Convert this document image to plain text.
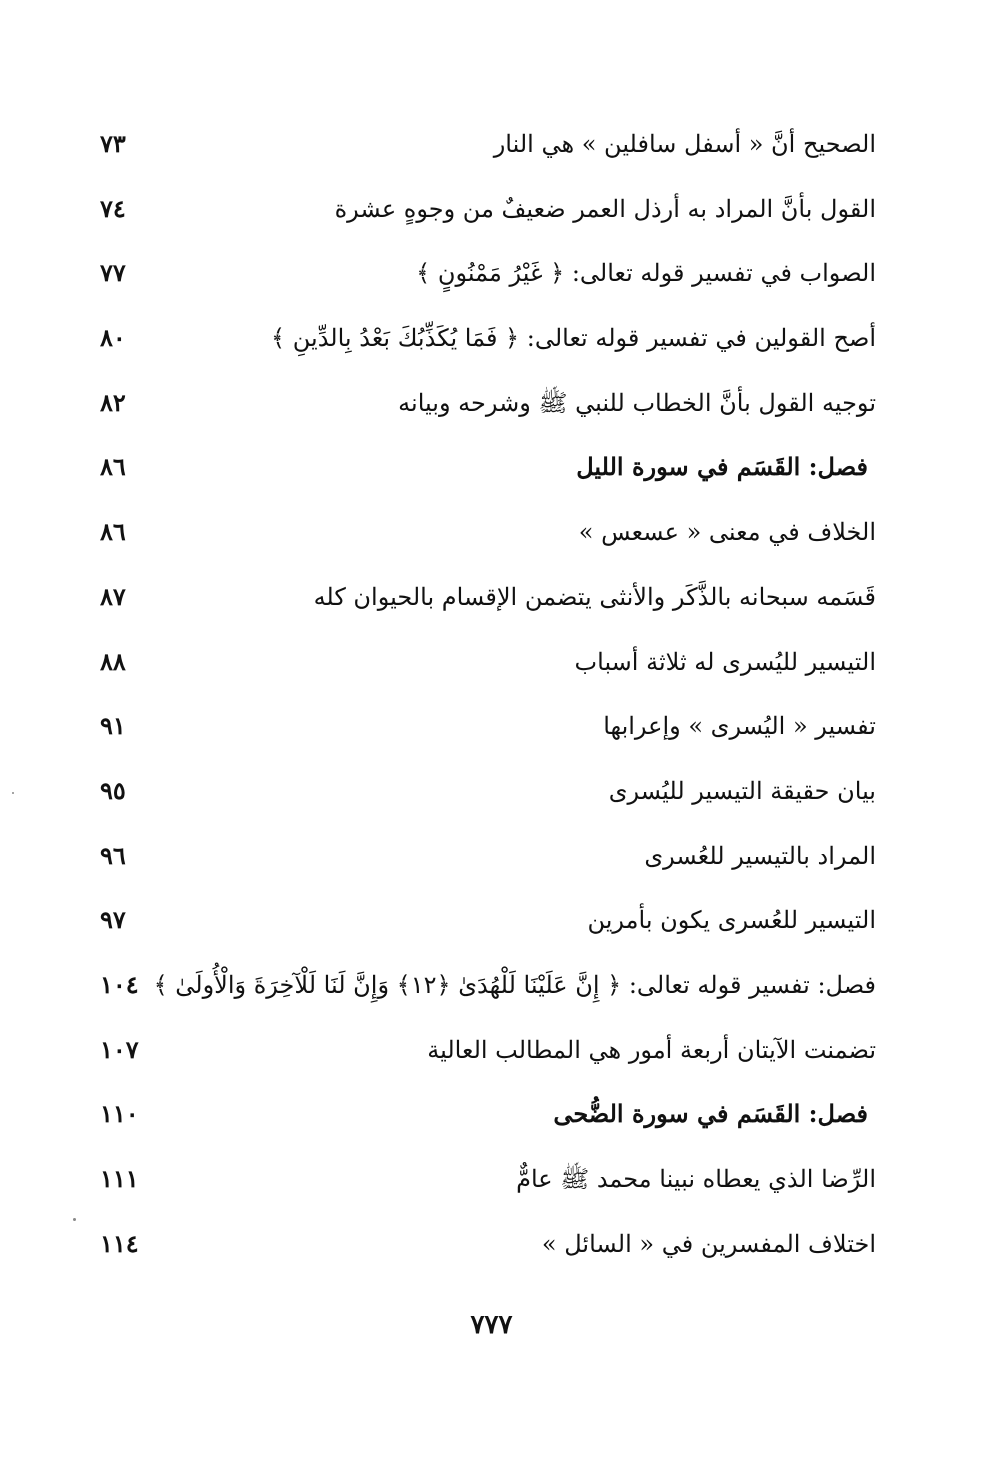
الصحيح أنَّ « أسفل سافلين » هي النار
٧٣
القول بأنَّ المراد به أرذل العمر ضعيفٌ من وجوهٍ عشرة
٧٤
الصواب في تفسير قوله تعالى: ﴿ غَيْرُ مَمْنُونٍ ﴾
٧٧
أصح القولين في تفسير قوله تعالى: ﴿ فَمَا يُكَذِّبُكَ بَعْدُ بِالدِّينِ ﴾
٨٠
توجيه القول بأنَّ الخطاب للنبي ﷺ وشرحه وبيانه
٨٢
فصل: القَسَم في سورة الليل
٨٦
الخلاف في معنى « عسعس »
٨٦
قَسَمه سبحانه بالذَّكَر والأنثى يتضمن الإقسام بالحيوان كله
٨٧
التيسير لليُسرى له ثلاثة أسباب
٨٨
تفسير « اليُسرى » وإعرابها
٩١
بيان حقيقة التيسير لليُسرى
٩٥
المراد بالتيسير للعُسرى
٩٦
التيسير للعُسرى يكون بأمرين
٩٧
فصل: تفسير قوله تعالى: ﴿ إِنَّ عَلَيْنَا لَلْهُدَىٰ ﴿١٢﴾ وَإِنَّ لَنَا لَلْآخِرَةَ وَالْأُولَىٰ ﴾
١٠٤
تضمنت الآيتان أربعة أمور هي المطالب العالية
١٠٧
فصل: القَسَم في سورة الضُّحى
١١٠
الرِّضا الذي يعطاه نبينا محمد ﷺ عامٌّ
١١١
اختلاف المفسرين في « السائل »
١١٤
٧٧٧
